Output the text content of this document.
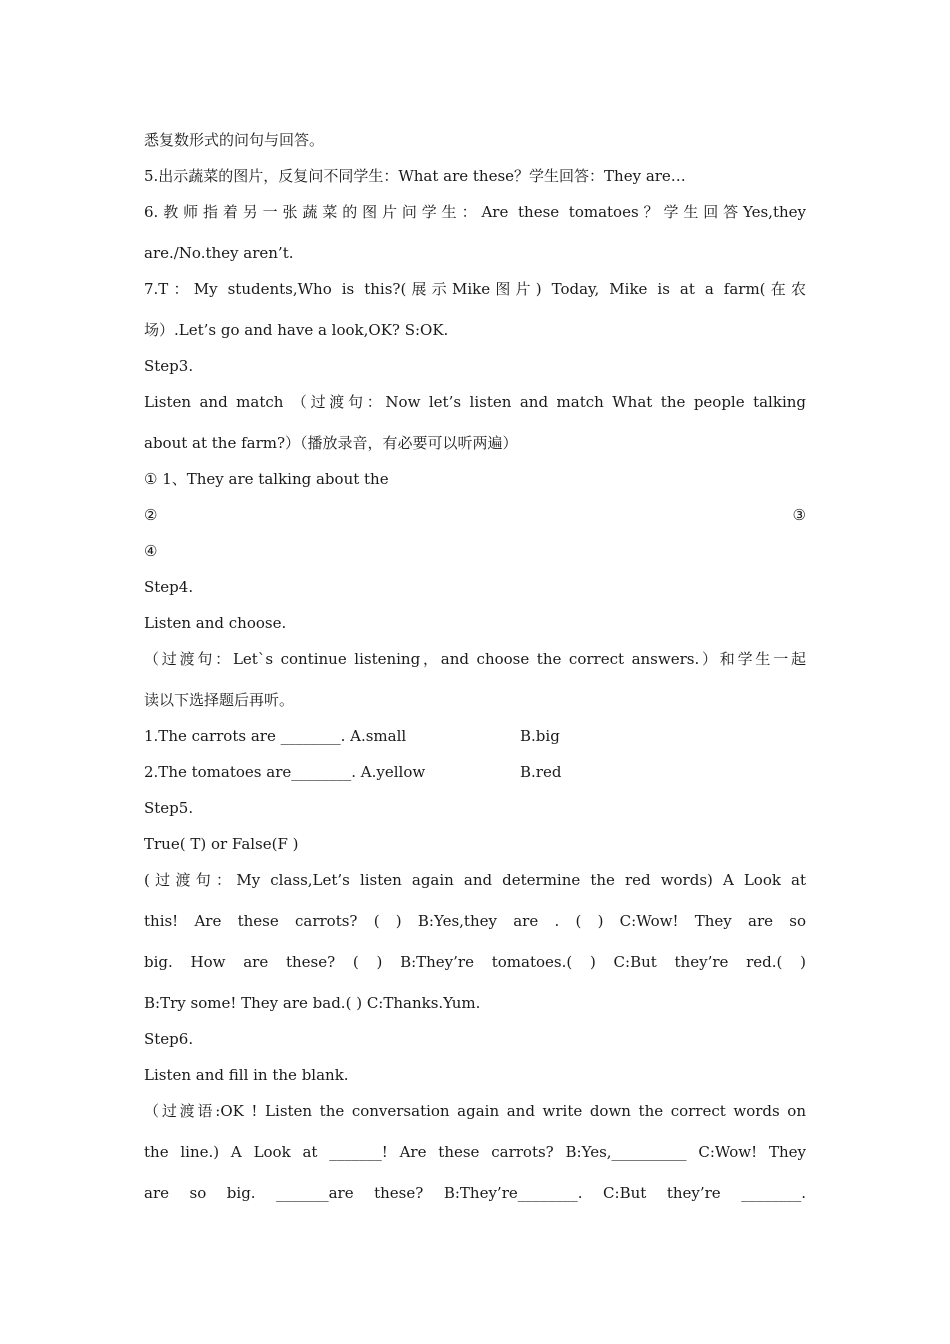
悉复数形式的问句与回答。
5.出示蔬菜的图片，反复问不同学生：What are these？学生回答：They are…
6.教师指着另一张蔬菜的图片问学生：Are these tomatoes？学生回答Yes,they
are./No.they aren’t.
7.T：My students,Who is this?(展示Mike图片) Today, Mike is at a farm(在农
场）.Let’s go and have a look,OK? S:OK.
Step3.
Listen and match （过渡句：Now let’s listen and match What the people talking
about at the farm?）（播放录音，有必要可以听两遍）
① 1、They are talking about the
②	③
④
Step4.
Listen and choose.
（过渡句：Let`s continue listening，and choose the correct answers.）和学生一起
读以下选择题后再听。
1.The carrots are ________. A.small	B.big
2.The tomatoes are________. A.yellow	B.red
Step5.
True( T) or False(F )
(过渡句：My class,Let’s listen again and determine the red words) A Look at
this! Are these carrots? ( ) B:Yes,they are . ( ) C:Wow! They are so
big. How are these? ( ) B:They’re tomatoes.( ) C:But they’re red.( )
B:Try some! They are bad.( ) C:Thanks.Yum.
Step6.
Listen and fill in the blank.
（过渡语:OK ! Listen the conversation again and write down the correct words on
the line.) A Look at _______! Are these carrots? B:Yes,__________ C:Wow! They
are so big. _______are these? B:They’re________. C:But they’re ________.
